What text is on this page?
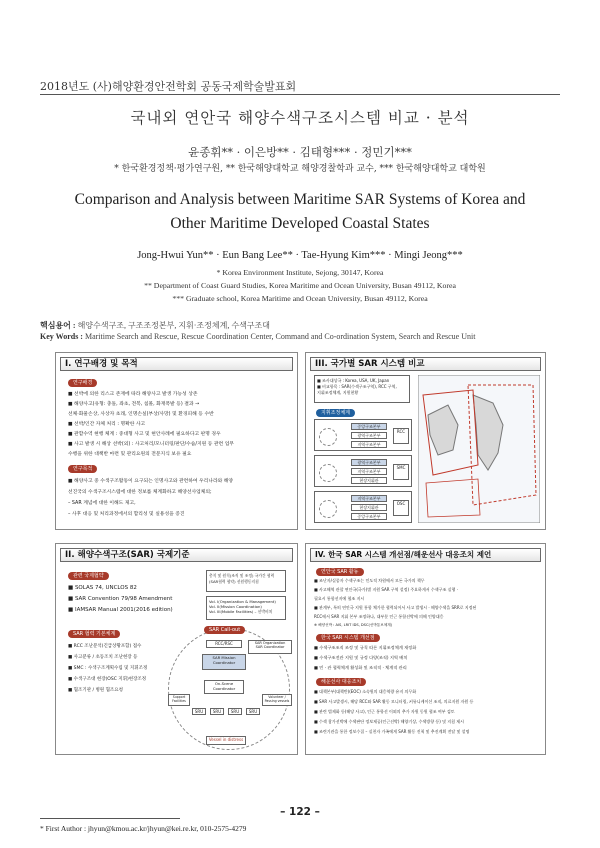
2018년도 (사)해양환경안전학회 공동국제학술발표회
국내외 연안국 해양수색구조시스템 비교 · 분석
윤종휘** · 이은방** · 김태형*** · 정민기***
* 한국환경정책·평가연구원, ** 한국해양대학교 해양경찰학과 교수, *** 한국해양대학교 대학원
Comparison and Analysis between Maritime SAR Systems of Korea and
Other Maritime Developed Coastal States
Jong-Hwui Yun** · Eun Bang Lee** · Tae-Hyung Kim*** · Mingi Jeong***
* Korea Environment Institute, Sejong, 30147, Korea
** Department of Coast Guard Studies, Korea Maritime and Ocean University, Busan 49112, Korea
*** Graduate school, Korea Maritime and Ocean University, Busan 49112, Korea
핵심용어 : 해양수색구조, 구조조정본부, 지휘·조정체계, 수색구조대
Key Words : Maritime Search and Rescue, Rescue Coordination Center, Command and Co-ordination System, Search and Rescue Unit
I. 연구배경 및 목적
연구배경
■ 선박에 의한 리스크 존재에 따라 해양사고 발생 가능성 상존
■ 해양사고(유형: 충돌, 좌초, 전복, 침몰, 화재폭발 등) 결과 →
선체·화물손상, 사상자 초래, 인명손실(부상/사망) 및 환경피해 등 수반
■ 선박/인간 자체 처리 : 명확한 사고
■ 관할수역 현행 체계 : 중대형 사고 및 현안사례에 필요하다고 판명 경우
■ 사고 발생 시 해상 선박(외) : 사고처리/모니터링/판단/수습/지원 등 관련 업무
수행을 위한 대책반 마련 및 관리요원의 전문지식 보유 필요
연구목적
■ 해양사고 중 수색구조활동이 요구되는 인명사고와 관련하여 우리나라와 해양
선진국의 수색구조시스템에 대한 정보를 체계화하고 해양선사업체의;
– SAR 계념에 대한 이해도 제고,
– 사후 대응 및 처리과정에서의 합리성 및 실용성을 증진
III. 국가별 SAR 시스템 비교
■ 조사대상국 : Korea, USA, UK, Japan
■ 비교항목 : SAR(수색구조구역), RCC 구역,
지휘조정체계, 지원현황
지휘조정체계
중앙구조본부
광역구조본부
지역구조본부
RCC
광역구조본부
지역구조본부
현장지휘관
SMC
지역구조본부
현장지휘관
중앙구조본부
OSC
II. 해양수색구조(SAR) 국제기준
관련 국제협약
■ SOLAS 74, UNCLOS 82
■ SAR Convention 79/98 Amendment
■ IAMSAR Manual 2001(2016 edition)
총칙 및 원칙(조직 및 조정) 국가간 협력(SAR협력 협약) 선원행동지침
Vol. I(Organization & Management)
Vol. II(Mission Coordination)
Vol. III(Mobile Facilities) – 선박비치
SAR 협력 기본체계
■ RCC 조난분석(긴급상황포함) 접수
■ 사고분류 / 초동조치 조난현장 등
■ SMC : 수색구조계획수립 및 지휘조정
■ 수색구조대 현장(OSC 지휘)현장조정
■ 협조기관 / 병원 협조요청
SAR Call-out
RCC/RSC	SAR Organization
SAR Coordinator
SAR Mission Coordinator
On-Scene Coordinator
Support Facilities
Volunteer / Passing vessels
SRU	SRU	SRU	SRU
Vessel in distress
IV. 한국 SAR 시스템 개선점/해운선사 대응조치 제언
연안국 SAR 활동
■ 조난자/실종자 수색구조는 인도적 차원에서 모든 국가의 책무
■ 사고해역 관할 연안국(국가)별 지원 SAR 구역 설정) 주요하게서 수색구조 실행 ·
필요시 통합선지에 협조 지시
■ 관계부, 특히 연안국 지원 통합 체가한 협력되어서 사고 발생시 · 해양수색을 SRR로 지정된
RCC에서 SAR 지휘 본부 조정하나, 대부분 인근 통합선박에 의해 인양대응
※ 해양선박 : AIS, LRIT IDS, DSC(선박통보체계)
한국 SAR 시스템 개선점
■ 수색구조조직 조정 및 규칙 따른 지휘조정체계 재정화
■ 수색구조전관 지원 및 규정 다양(조직) 지역 배치
■ 민 · 관 협력체계 활성화 및 조직적 · 체계적 관리
해운선사 대응조치
■ 대책본부(대책반)(EOC) 소속원의 대응역량 유지 의무화
■ SAR 사고발생시, 해당 RCC와 SAR 활동 모니터링, 커뮤니케이션 조직, 의료지원 자원 등
■ 관련 법제화 등(해당 사고), 인근 통항선 이외의 추가 자원 동원 협조 여부 검토
■ 수색 참가선박에 수색판단 정보제공(인근선박) 해양기상, 수색방향 등) 및 지침 제시
■ 조련기관을 통한 정보수집 – 실천자 가족에게 SAR 활동 진척 및 추진계획 전달 및 설명
– 122 –
* First Author : jhyun@kmou.ac.kr/jhyun@kei.re.kr, 010-2575-4279
